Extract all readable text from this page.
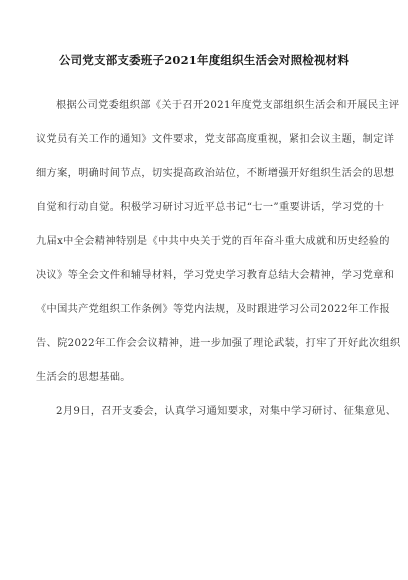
公司党支部支委班子2021年度组织生活会对照检视材料
根据公司党委组织部《关于召开2021年度党支部组织生活会和开展民主评
议党员有关工作的通知》文件要求，党支部高度重视，紧扣会议主题，制定详
细方案，明确时间节点，切实提高政治站位，不断增强开好组织生活会的思想
自觉和行动自觉。积极学习研讨习近平总书记“七一”重要讲话，学习党的十
九届x中全会精神特别是《中共中央关于党的百年奋斗重大成就和历史经验的
决议》等全会文件和辅导材料，学习党史学习教育总结大会精神，学习党章和
《中国共产党组织工作条例》等党内法规，及时跟进学习公司2022年工作报
告、院2022年工作会会议精神，进一步加强了理论武装，打牢了开好此次组织
生活会的思想基础。
2月9日，召开支委会，认真学习通知要求，对集中学习研讨、征集意见、
